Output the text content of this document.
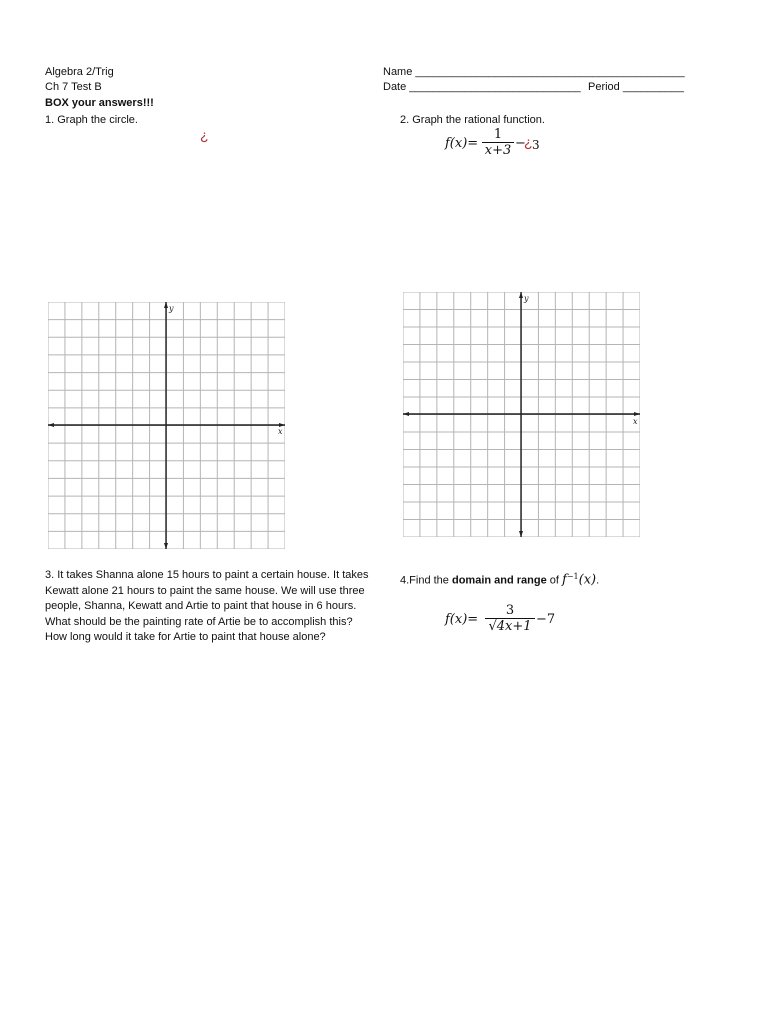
Algebra 2/Trig
Ch 7 Test B
BOX your answers!!!
Name ____________________________________________
Date ____________________________ Period __________
1. Graph the circle.
¿
2. Graph the rational function.
f(x)=
1
x+3 −
¿ 3
y
x
y
x
3. It takes Shanna alone 15 hours to paint a certain house. It takes Kewatt alone 21 hours to paint the same house. We will use three people, Shanna, Kewatt and Artie to paint that house in 6 hours. What should be the painting rate of Artie be to accomplish this? How long would it take for Artie to paint that house alone?
4.Find the domain and range of $f^{-1}(x)$.
f(x)=
3
√4x+1 −7
